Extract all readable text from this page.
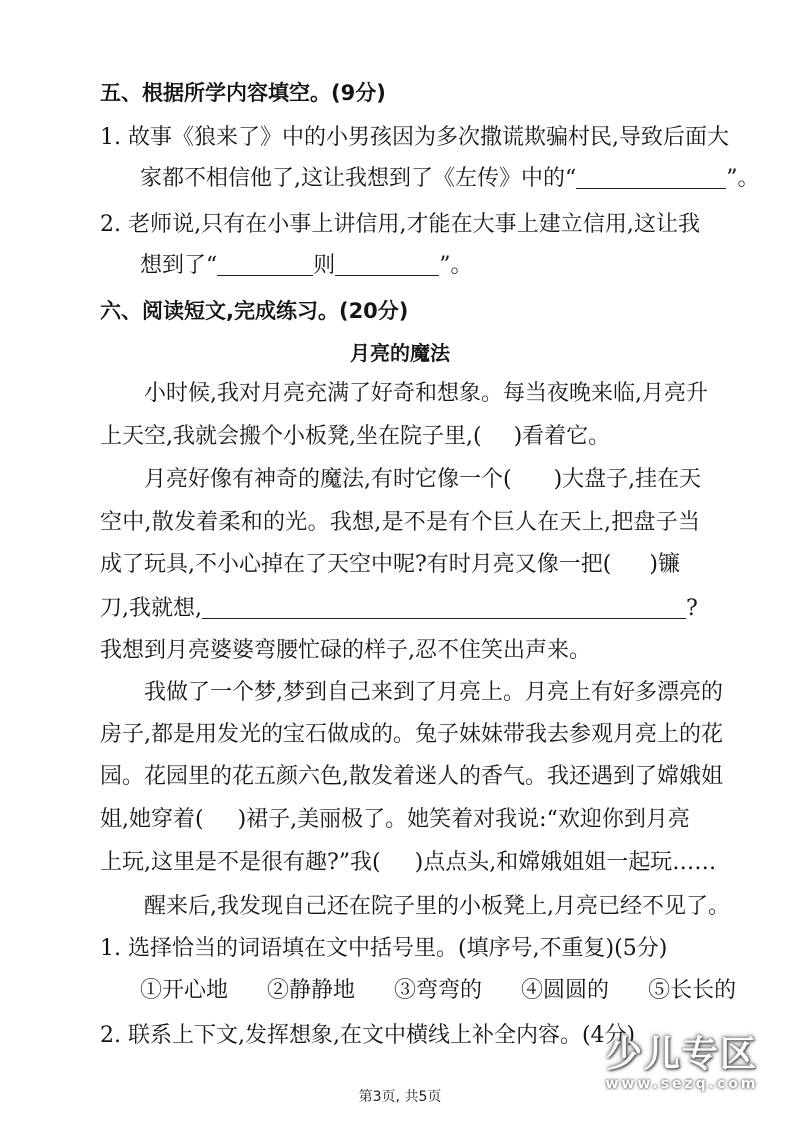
五、根据所学内容填空。(9分)
1. 故事《狼来了》中的小男孩因为多次撒谎欺骗村民,导致后面大
家都不相信他了,这让我想到了《左传》中的“	”。
2. 老师说,只有在小事上讲信用,才能在大事上建立信用,这让我
想到了“	则	”。
六、阅读短文,完成练习。(20分)
月亮的魔法
小时候,我对月亮充满了好奇和想象。每当夜晚来临,月亮升
上天空,我就会搬个小板凳,坐在院子里,( )看着它。
月亮好像有神奇的魔法,有时它像一个( )大盘子,挂在天
空中,散发着柔和的光。我想,是不是有个巨人在天上,把盘子当
成了玩具,不小心掉在了天空中呢?有时月亮又像一把( )镰
刀,我就想,	?
我想到月亮婆婆弯腰忙碌的样子,忍不住笑出声来。
我做了一个梦,梦到自己来到了月亮上。月亮上有好多漂亮的
房子,都是用发光的宝石做成的。兔子妹妹带我去参观月亮上的花
园。花园里的花五颜六色,散发着迷人的香气。我还遇到了嫦娥姐
姐,她穿着( )裙子,美丽极了。她笑着对我说:“欢迎你到月亮
上玩,这里是不是很有趣?”我( )点点头,和嫦娥姐姐一起玩……
醒来后,我发现自己还在院子里的小板凳上,月亮已经不见了。
1. 选择恰当的词语填在文中括号里。(填序号,不重复)(5分)
①开心地 ②静静地 ③弯弯的 ④圆圆的 ⑤长长的
2. 联系上下文,发挥想象,在文中横线上补全内容。(4分)
第3页, 共5页
少儿专区
www.sezq.com
